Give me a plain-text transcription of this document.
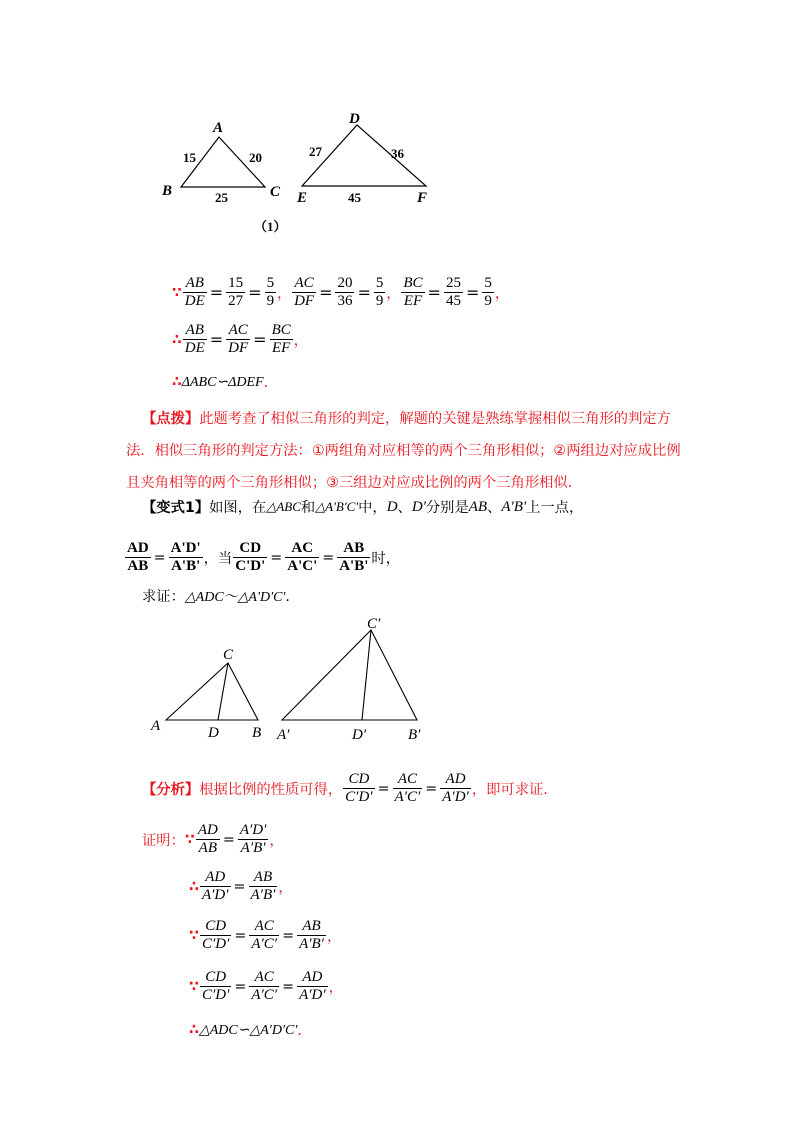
A
B	C
15	20
25
D
E	F
27	36
45
（1）
∵ $\frac{AB}{DE} = \frac{15}{27} = \frac{5}{9}$ ， $\frac{AC}{DF} = \frac{20}{36} = \frac{5}{9}$ ， $\frac{BC}{EF} = \frac{25}{45} = \frac{5}{9}$ ，
∴ $\frac{AB}{DE} = \frac{AC}{DF} = \frac{BC}{EF}$ ，
∴ ΔABC∽ΔDEF ．
【点拨】此题考查了相似三角形的判定，解题的关键是熟练掌握相似三角形的判定方
法．相似三角形的判定方法：①两组角对应相等的两个三角形相似；②两组边对应成比例
且夹角相等的两个三角形相似；③三组边对应成比例的两个三角形相似．
【变式1】 如图，在 △ABC 和 △A'B'C' 中， D 、 D' 分别是 AB 、 A'B' 上一点，
$\frac{AD}{AB} = \frac{A'D'}{A'B'}$ ，当 $\frac{CD}{C'D'} = \frac{AC}{A'C'} = \frac{AB}{A'B'}$ 时，
求证： △ADC～△A'D'C' ．
C
A	D B
C′
A′	D′	B′
【分析】 根据比例的性质可得， $\frac{CD}{C'D'} = \frac{AC}{A'C'} = \frac{AD}{A'D'}$ ，即可求证．
证明： ∵ $\frac{AD}{AB} = \frac{A'D'}{A'B'}$ ，
∴ $\frac{AD}{A'D'} = \frac{AB}{A'B'}$ ，
∵ $\frac{CD}{C'D'} = \frac{AC}{A'C'} = \frac{AB}{A'B'}$ ，
∵ $\frac{CD}{C'D'} = \frac{AC}{A'C'} = \frac{AD}{A'D'}$ ，
∴ △ADC∽△A′D′C′ ．
